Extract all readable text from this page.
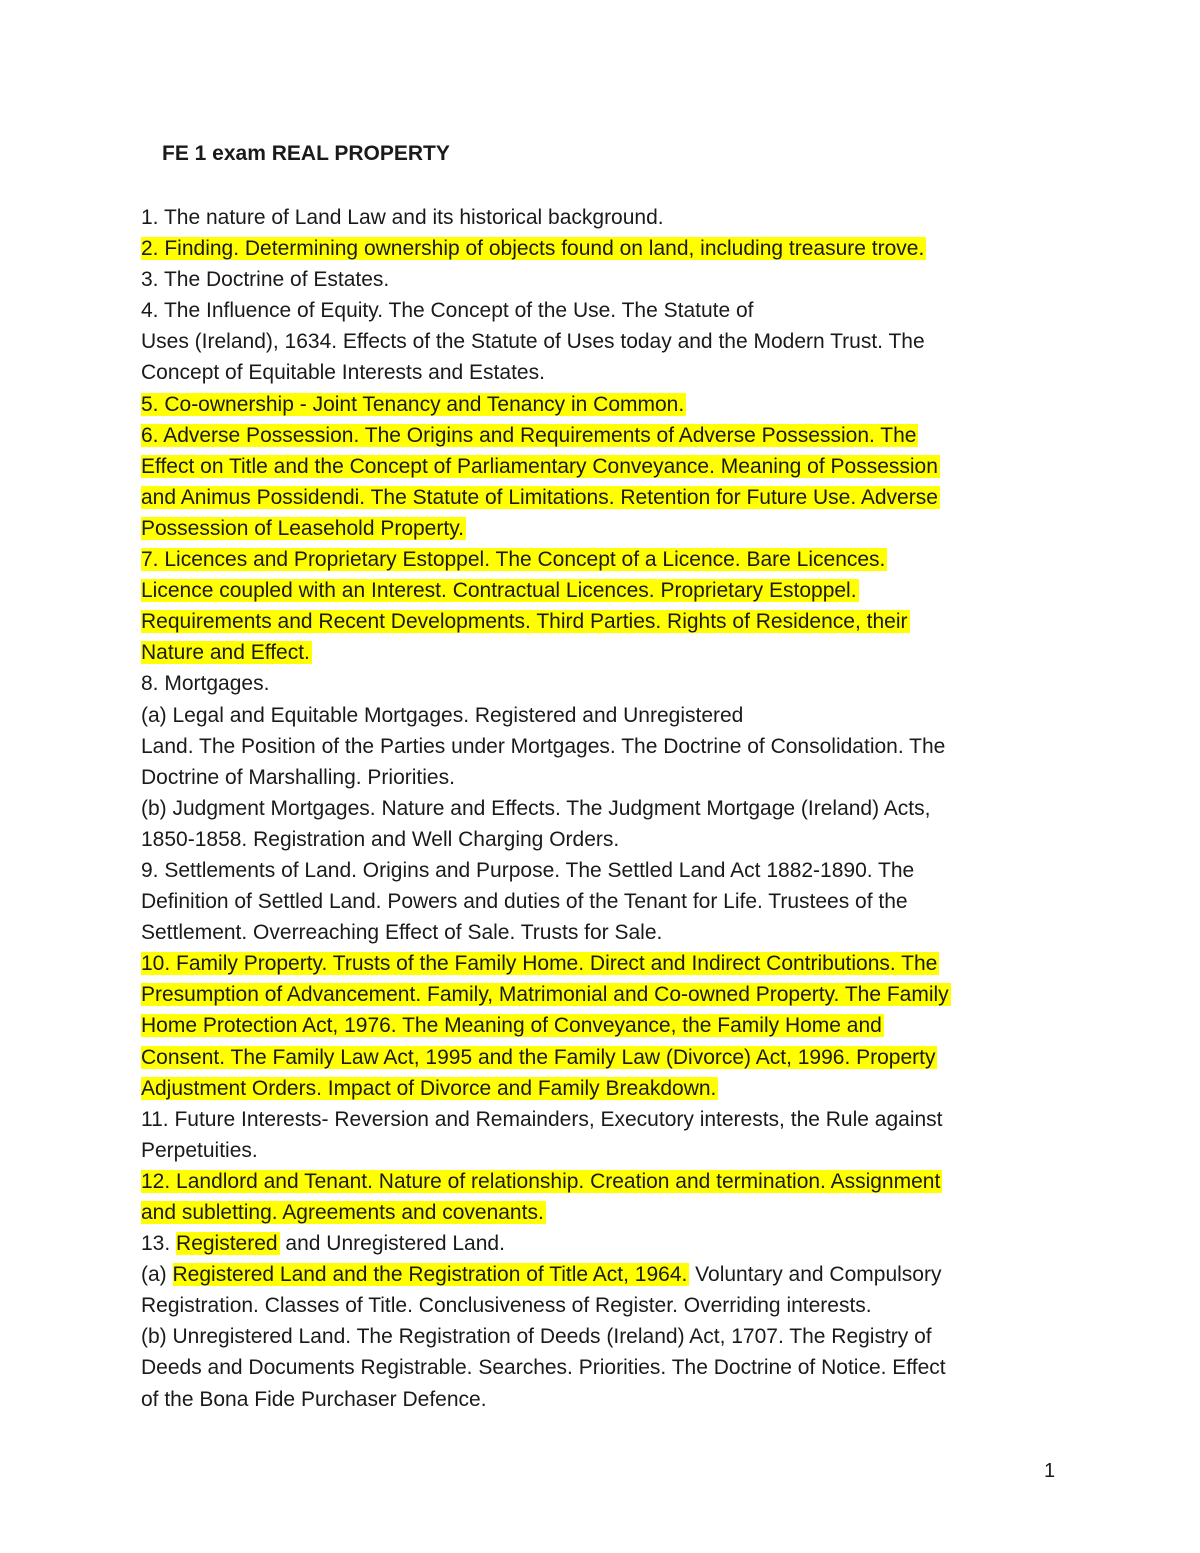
FE 1 exam REAL PROPERTY
1. The nature of Land Law and its historical background.
2. Finding. Determining ownership of objects found on land, including treasure trove.
3. The Doctrine of Estates.
4. The Influence of Equity. The Concept of the Use. The Statute of
Uses (Ireland), 1634. Effects of the Statute of Uses today and the Modern Trust. The
Concept of Equitable Interests and Estates.
5. Co-ownership - Joint Tenancy and Tenancy in Common.
6. Adverse Possession. The Origins and Requirements of Adverse Possession. The
Effect on Title and the Concept of Parliamentary Conveyance. Meaning of Possession
and Animus Possidendi. The Statute of Limitations. Retention for Future Use. Adverse
Possession of Leasehold Property.
7. Licences and Proprietary Estoppel. The Concept of a Licence. Bare Licences.
Licence coupled with an Interest. Contractual Licences. Proprietary Estoppel.
Requirements and Recent Developments. Third Parties. Rights of Residence, their
Nature and Effect.
8. Mortgages.
(a) Legal and Equitable Mortgages. Registered and Unregistered
Land. The Position of the Parties under Mortgages. The Doctrine of Consolidation. The
Doctrine of Marshalling. Priorities.
(b) Judgment Mortgages. Nature and Effects. The Judgment Mortgage (Ireland) Acts,
1850-1858. Registration and Well Charging Orders.
9. Settlements of Land. Origins and Purpose. The Settled Land Act 1882-1890. The
Definition of Settled Land. Powers and duties of the Tenant for Life. Trustees of the
Settlement. Overreaching Effect of Sale. Trusts for Sale.
10. Family Property. Trusts of the Family Home. Direct and Indirect Contributions. The
Presumption of Advancement. Family, Matrimonial and Co-owned Property. The Family
Home Protection Act, 1976. The Meaning of Conveyance, the Family Home and
Consent. The Family Law Act, 1995 and the Family Law (Divorce) Act, 1996. Property
Adjustment Orders. Impact of Divorce and Family Breakdown.
11. Future Interests- Reversion and Remainders, Executory interests, the Rule against
Perpetuities.
12. Landlord and Tenant. Nature of relationship. Creation and termination. Assignment
and subletting. Agreements and covenants.
13. Registered and Unregistered Land.
(a) Registered Land and the Registration of Title Act, 1964. Voluntary and Compulsory
Registration. Classes of Title. Conclusiveness of Register. Overriding interests.
(b) Unregistered Land. The Registration of Deeds (Ireland) Act, 1707. The Registry of
Deeds and Documents Registrable. Searches. Priorities. The Doctrine of Notice. Effect
of the Bona Fide Purchaser Defence.
1
